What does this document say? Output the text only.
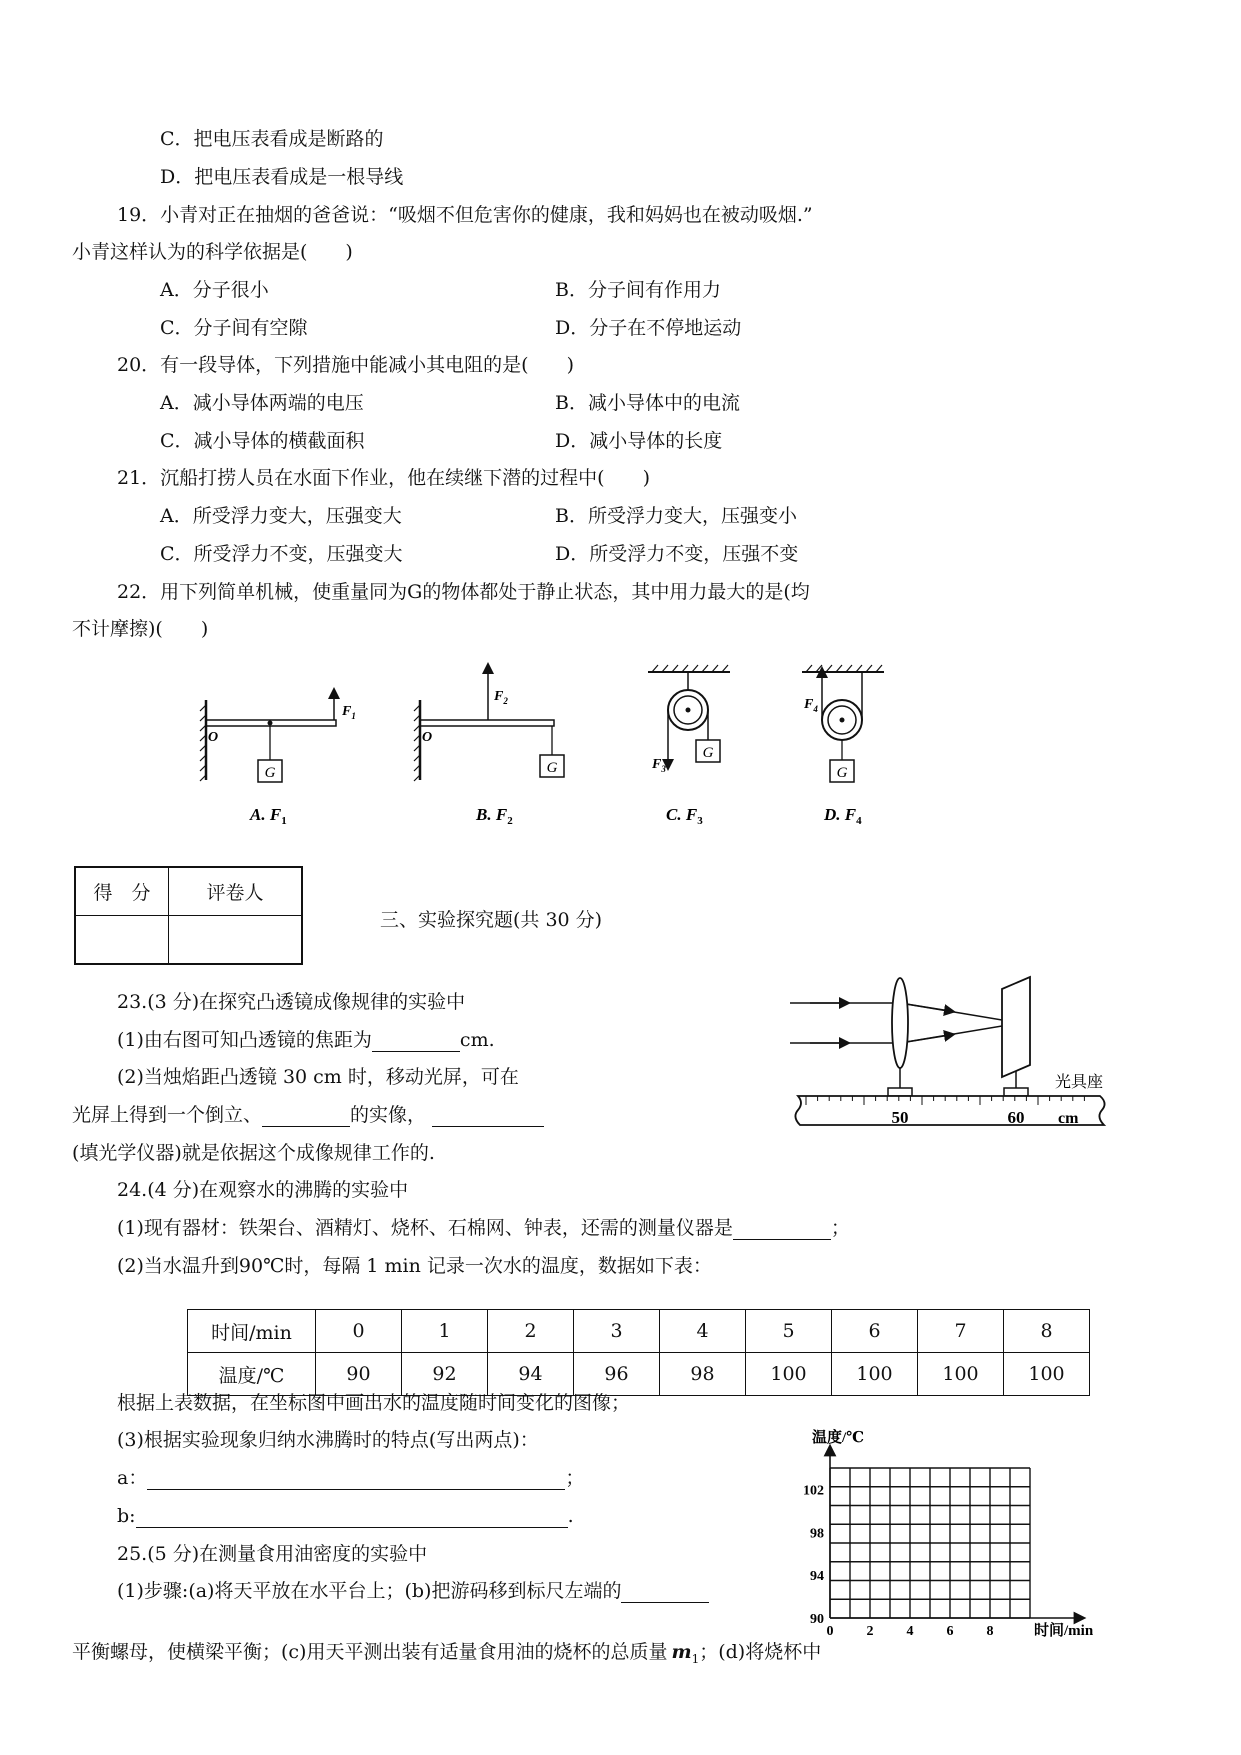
C．把电压表看成是断路的
D．把电压表看成是一根导线
19．小青对正在抽烟的爸爸说：“吸烟不但危害你的健康，我和妈妈也在被动吸烟.”
小青这样认为的科学依据是(　　)
A．分子很小	B．分子间有作用力
C．分子间有空隙	D．分子在不停地运动
20．有一段导体，下列措施中能减小其电阻的是(　　)
A．减小导体两端的电压	B．减小导体中的电流
C．减小导体的横截面积	D．减小导体的长度
21．沉船打捞人员在水面下作业，他在续继下潜的过程中(　　)
A．所受浮力变大，压强变大	B．所受浮力变大，压强变小
C．所受浮力不变，压强变大	D．所受浮力不变，压强不变
22．用下列简单机械，使重量同为G的物体都处于静止状态，其中用力最大的是(均
不计摩擦)(　　)
G
O
$F_1$
$F_2$
G
O
G
$F_3$	G
$F_4$
A. $F_1$	B. $F_2$	C. $F_3$	D. $F_4$
得　分	评卷人

三、实验探究题(共 30 分)
23.(3 分)在探究凸透镜成像规律的实验中
(1)由右图可知凸透镜的焦距为	cm.
(2)当烛焰距凸透镜 30 cm 时，移动光屏，可在
光屏上得到一个倒立、	的实像，
(填光学仪器)就是依据这个成像规律工作的.
50	60 cm
光具座
24.(4 分)在观察水的沸腾的实验中
(1)现有器材：铁架台、酒精灯、烧杯、石棉网、钟表，还需的测量仪器是	；
(2)当水温升到90℃时，每隔 1 min 记录一次水的温度，数据如下表：
时间/min	0	1	2	3	4	5	6	7	8
温度/℃	90	92	94	96	98	100	100	100	100
根据上表数据，在坐标图中画出水的温度随时间变化的图像；
(3)根据实验现象归纳水沸腾时的特点(写出两点)：
a：	；
b:	.
温度/℃
102
98
94
90
0 2 4 6 8	时间/min
25.(5 分)在测量食用油密度的实验中
(1)步骤:(a)将天平放在水平台上；(b)把游码移到标尺左端的
平衡螺母，使横梁平衡；(c)用天平测出装有适量食用油的烧杯的总质量 $m_1$；(d)将烧杯中
